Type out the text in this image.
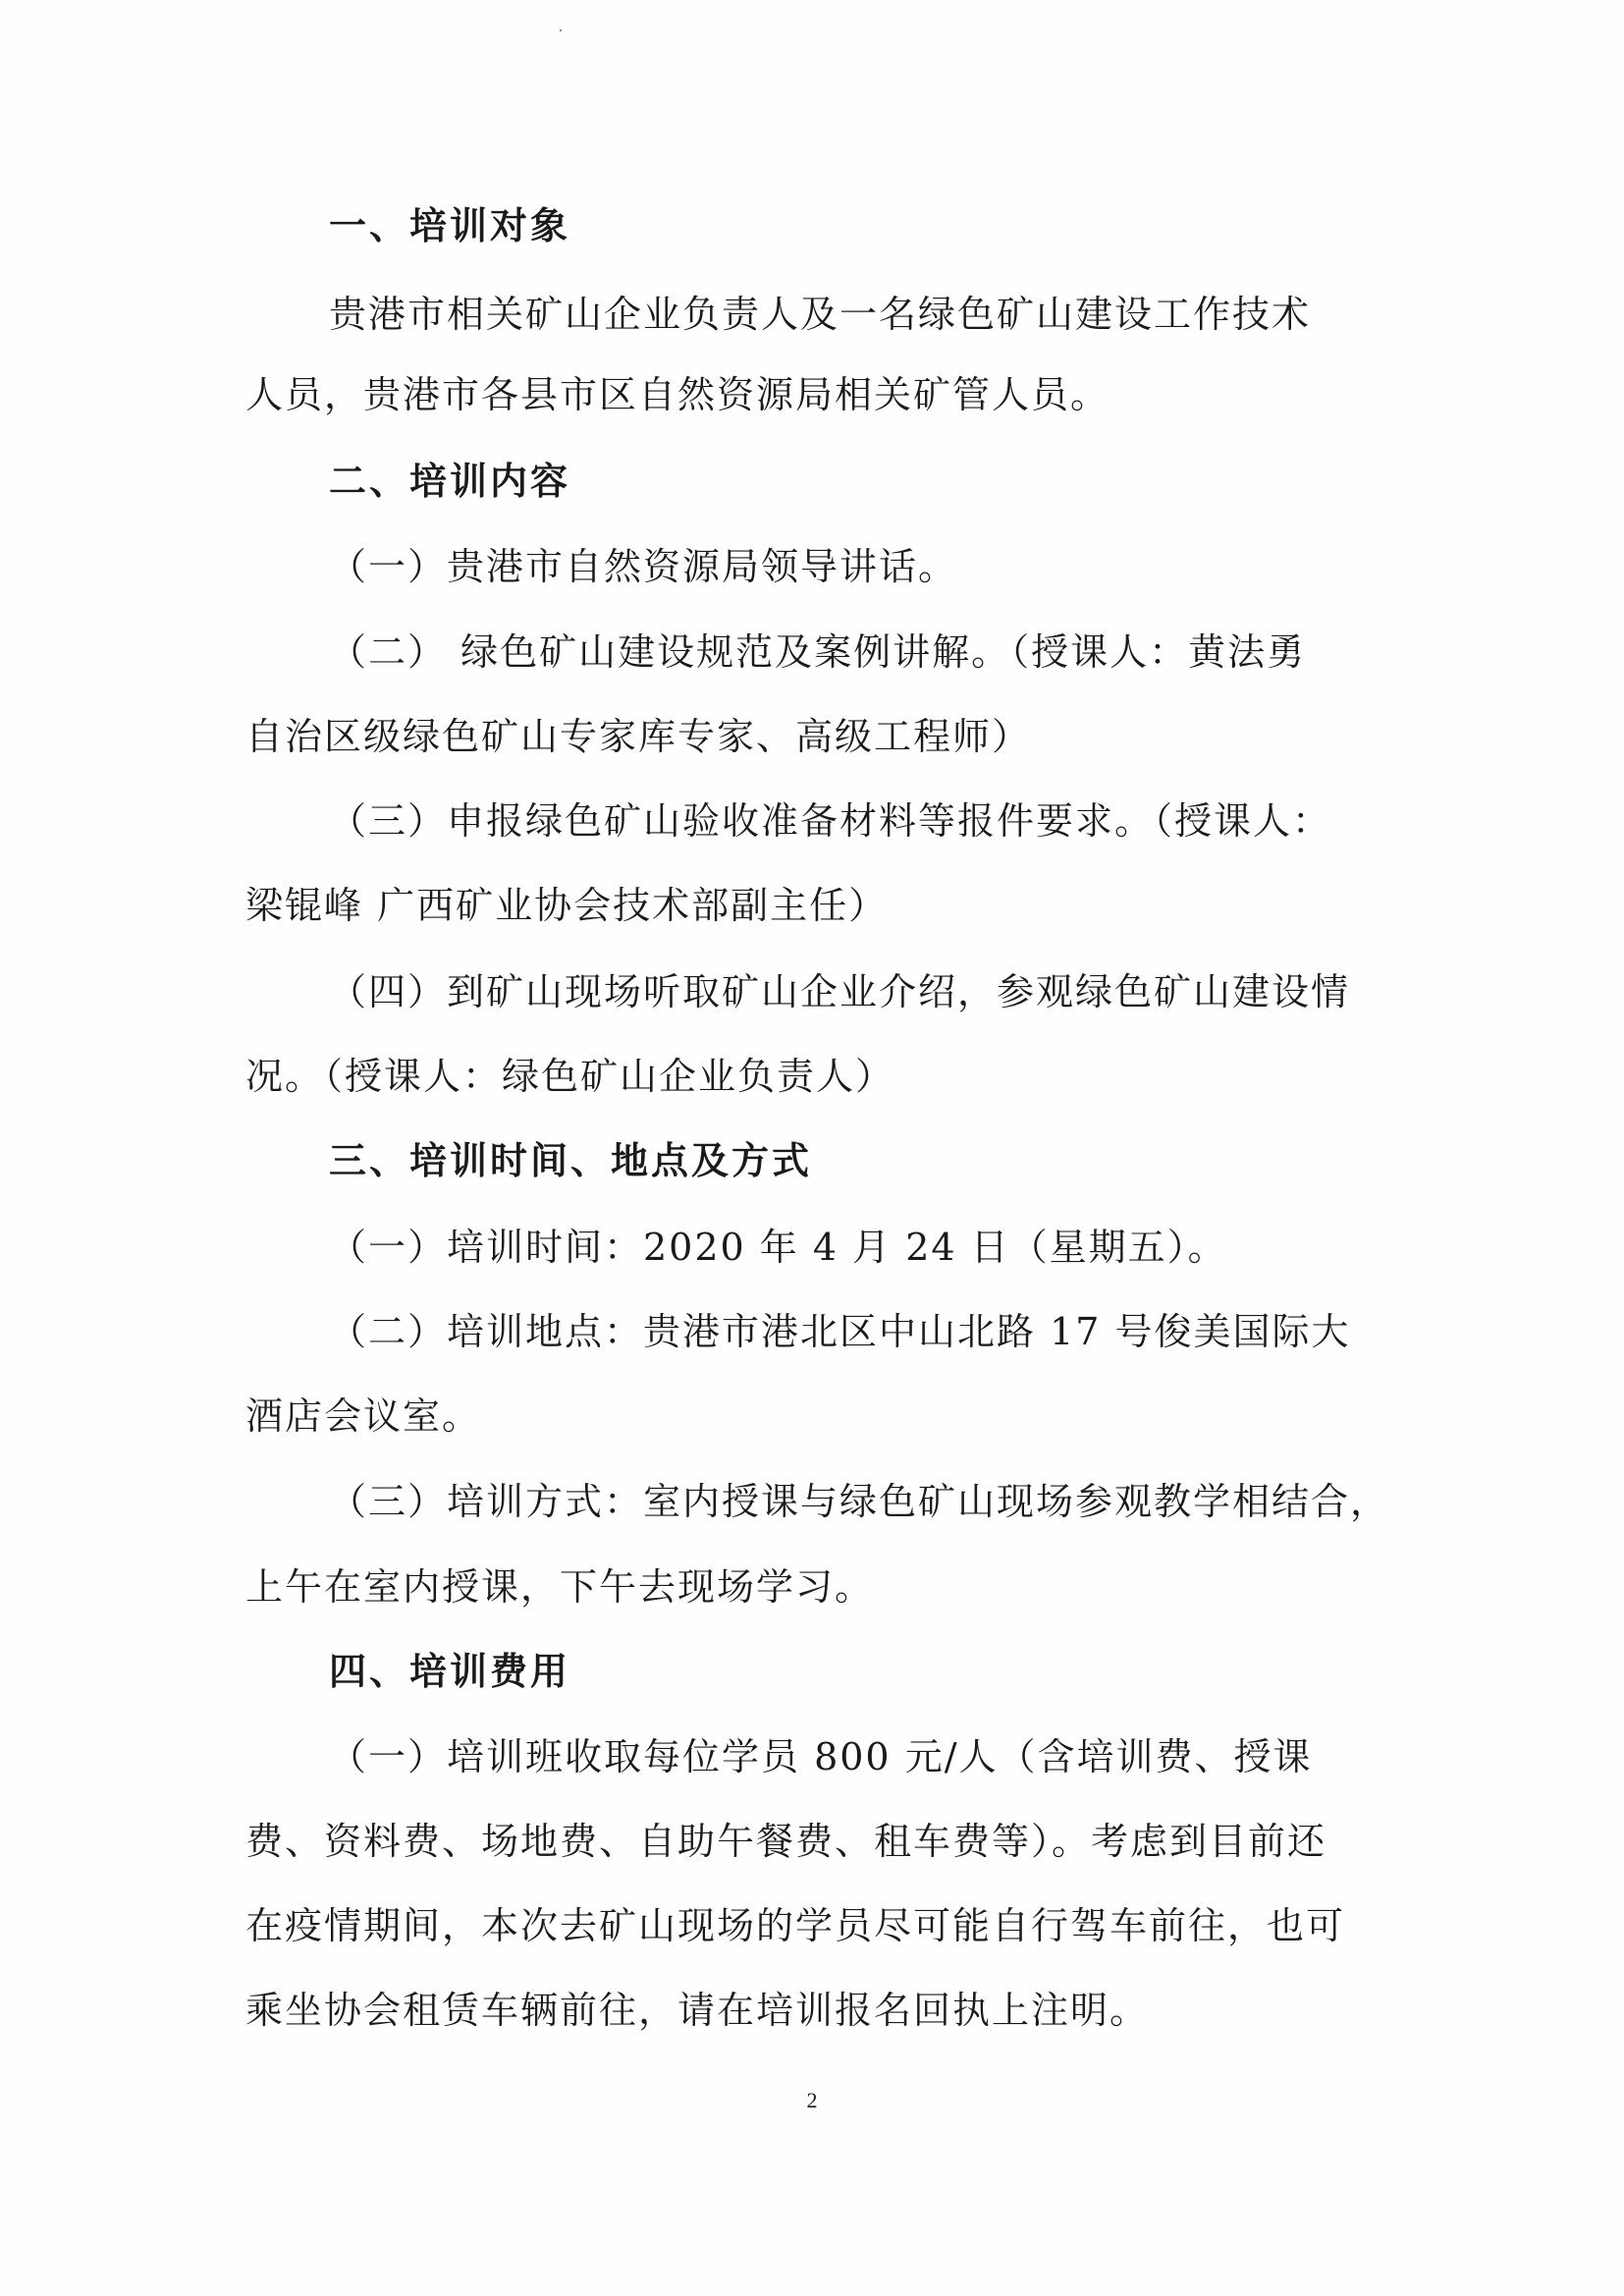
一、培训对象
贵港市相关矿山企业负责人及一名绿色矿山建设工作技术
人员，贵港市各县市区自然资源局相关矿管人员。
二、培训内容
（一）贵港市自然资源局领导讲话。
（二） 绿色矿山建设规范及案例讲解。（授课人：黄法勇
自治区级绿色矿山专家库专家、高级工程师）
（三）申报绿色矿山验收准备材料等报件要求。（授课人：
梁锟峰 广西矿业协会技术部副主任）
（四）到矿山现场听取矿山企业介绍，参观绿色矿山建设情
况。（授课人：绿色矿山企业负责人）
三、培训时间、地点及方式
（一）培训时间：2020 年 4 月 24 日（星期五）。
（二）培训地点：贵港市港北区中山北路 17 号俊美国际大
酒店会议室。
（三）培训方式：室内授课与绿色矿山现场参观教学相结合，
上午在室内授课，下午去现场学习。
四、培训费用
（一）培训班收取每位学员 800 元/人（含培训费、授课
费、资料费、场地费、自助午餐费、租车费等）。考虑到目前还
在疫情期间，本次去矿山现场的学员尽可能自行驾车前往，也可
乘坐协会租赁车辆前往，请在培训报名回执上注明。
2
